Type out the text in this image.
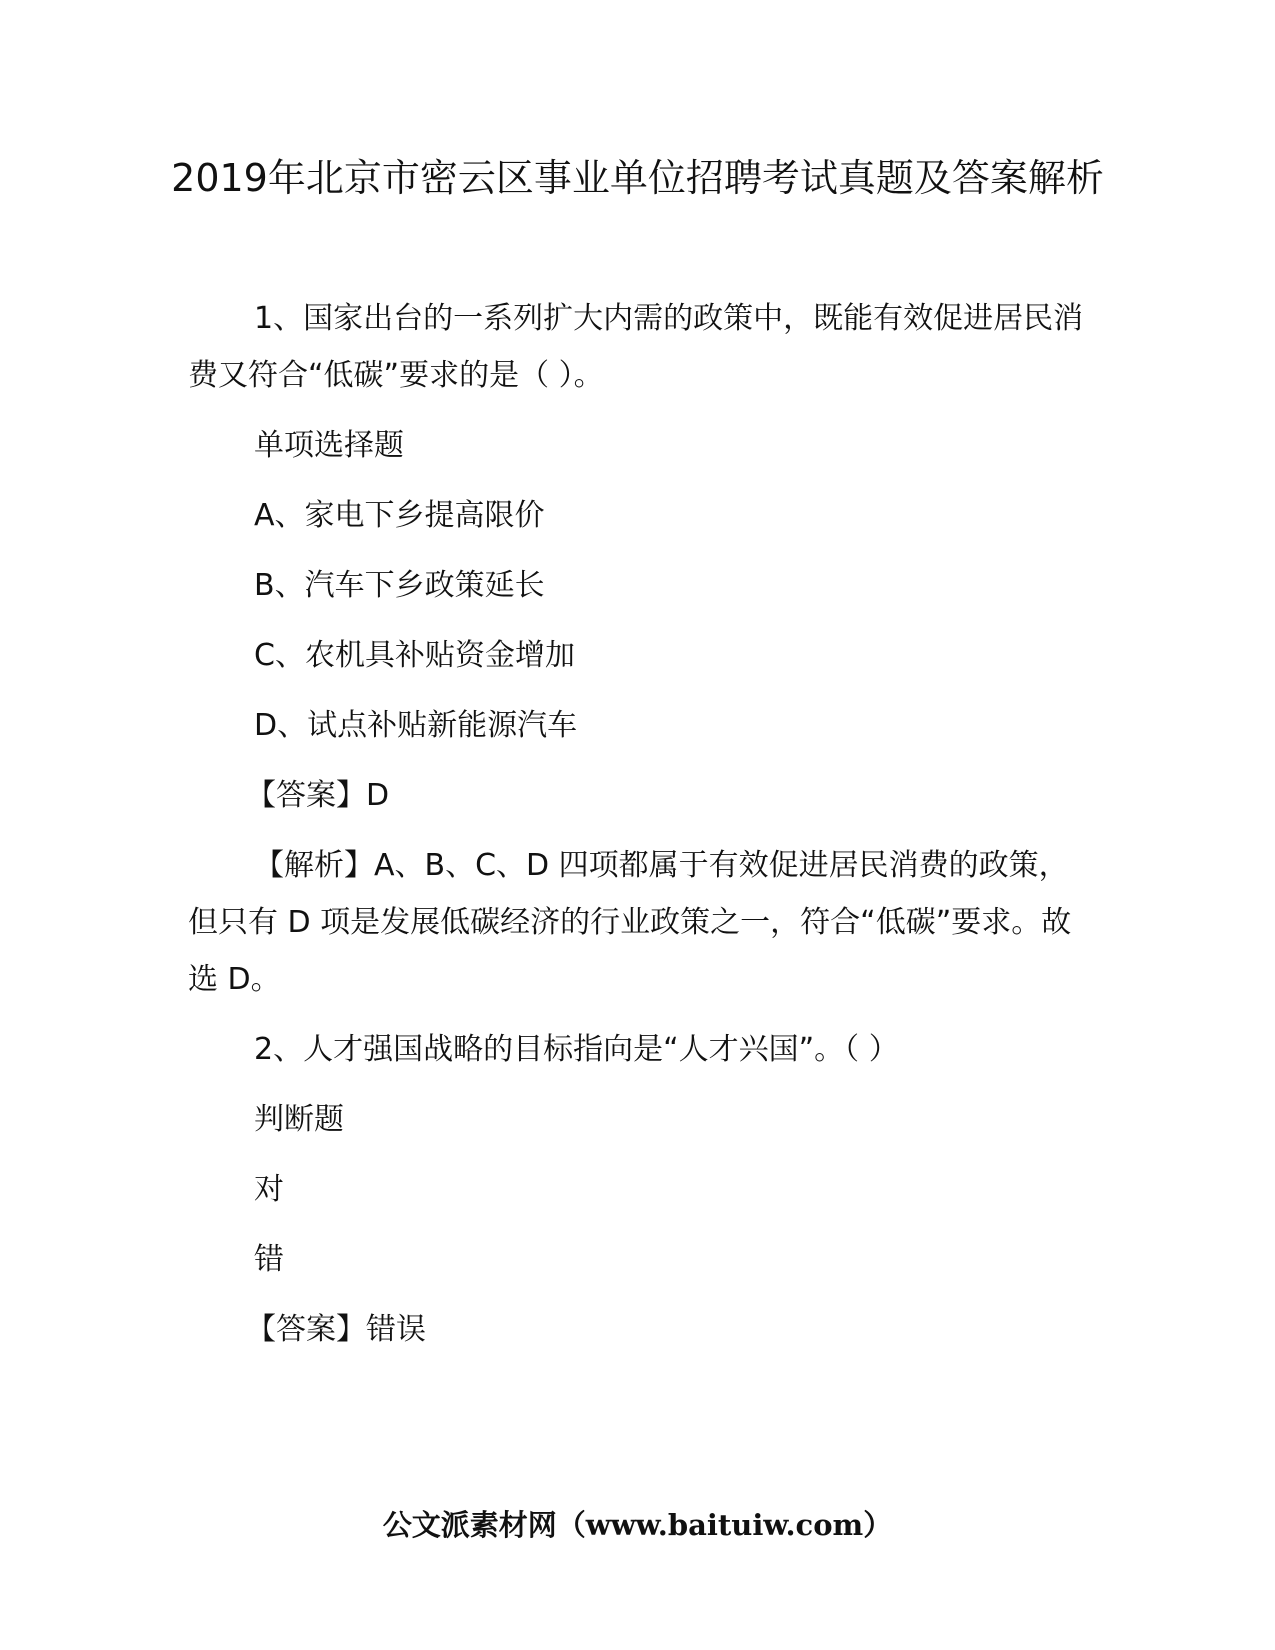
2019年北京市密云区事业单位招聘考试真题及答案解析

1、国家出台的一系列扩大内需的政策中，既能有效促进居民消费又符合“低碳”要求的是（ ）。

单项选择题

A、家电下乡提高限价

B、汽车下乡政策延长

C、农机具补贴资金增加

D、试点补贴新能源汽车

【答案】D

【解析】A、B、C、D 四项都属于有效促进居民消费的政策，但只有 D 项是发展低碳经济的行业政策之一，符合“低碳”要求。故选 D。

2、人才强国战略的目标指向是“人才兴国”。（ ）

判断题

对

错

【答案】错误

公文派素材网（www.baituiw.com）
